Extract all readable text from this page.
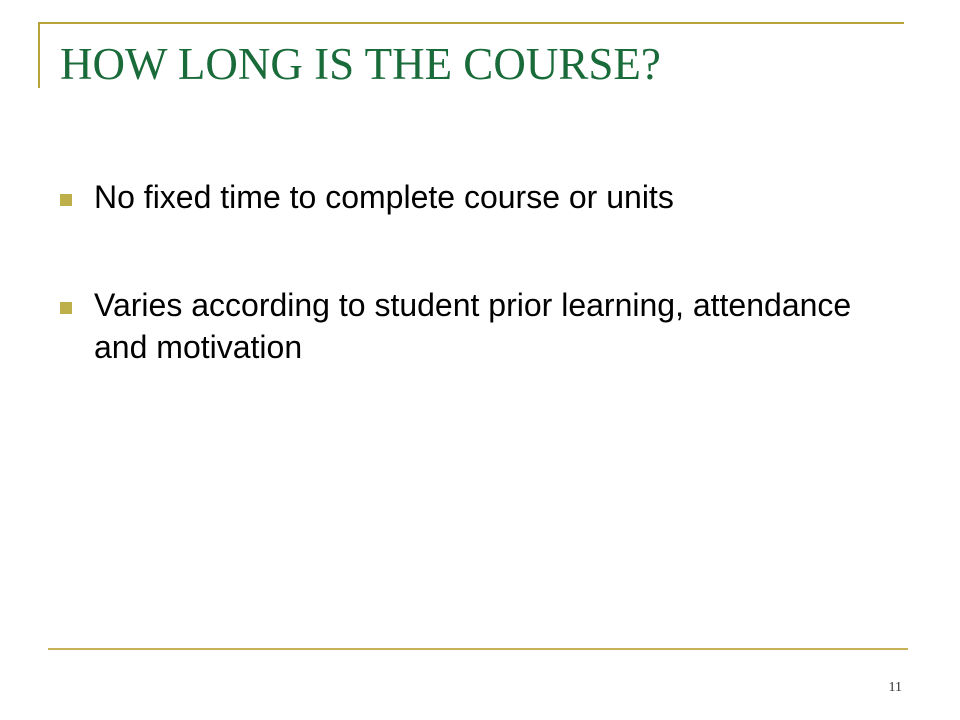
HOW LONG IS THE COURSE?
No fixed time to complete course or units
Varies according to student prior learning, attendance and motivation
11
